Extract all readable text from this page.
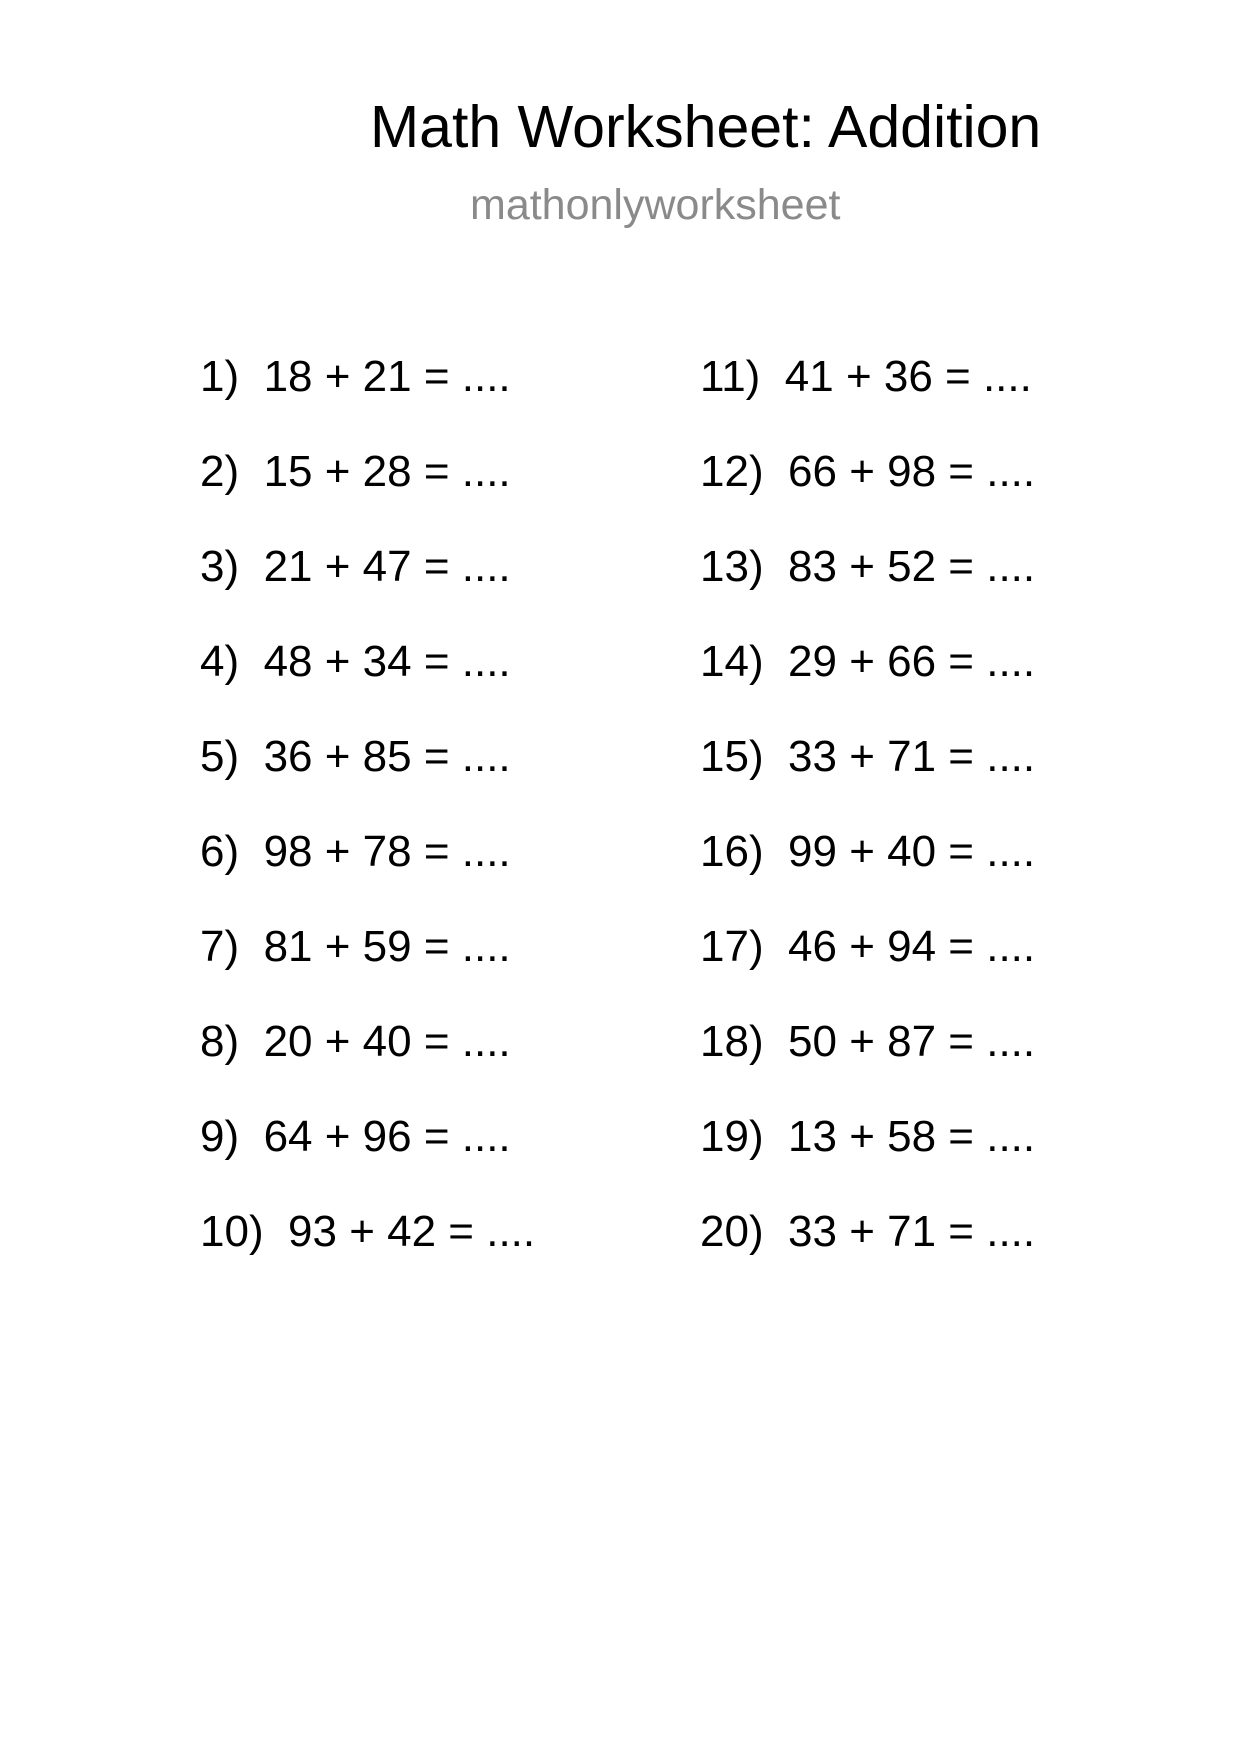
Math Worksheet: Addition
mathonlyworksheet
1) 18 + 21 = ....
2) 15 + 28 = ....
3) 21 + 47 = ....
4) 48 + 34 = ....
5) 36 + 85 = ....
6) 98 + 78 = ....
7) 81 + 59 = ....
8) 20 + 40 = ....
9) 64 + 96 = ....
10) 93 + 42 = ....
11) 41 + 36 = ....
12) 66 + 98 = ....
13) 83 + 52 = ....
14) 29 + 66 = ....
15) 33 + 71 = ....
16) 99 + 40 = ....
17) 46 + 94 = ....
18) 50 + 87 = ....
19) 13 + 58 = ....
20) 33 + 71 = ....
